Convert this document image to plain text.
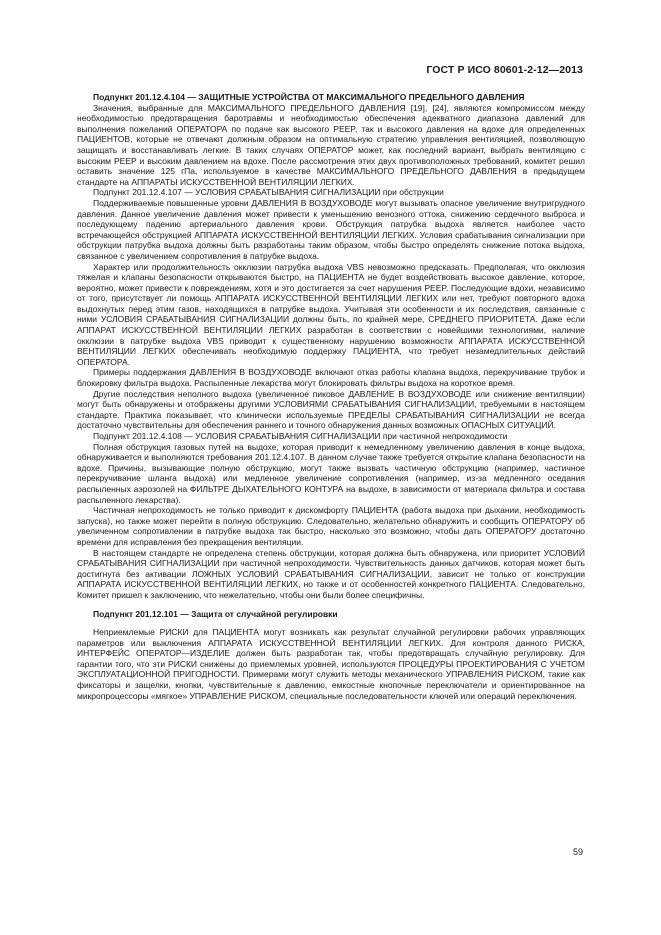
ГОСТ Р ИСО 80601-2-12—2013

Подпункт 201.12.4.104 — ЗАЩИТНЫЕ УСТРОЙСТВА ОТ МАКСИМАЛЬНОГО ПРЕДЕЛЬНОГО ДАВЛЕНИЯ

Значения, выбранные для МАКСИМАЛЬНОГО ПРЕДЕЛЬНОГО ДАВЛЕНИЯ [19], [24], являются компромиссом между необходимостью предотвращения баротравмы и необходимостью обеспечения адекватного диапазона давлений для выполнения пожеланий ОПЕРАТОРА по подаче как высокого PEEP, так и высокого давления на вдохе для определенных ПАЦИЕНТОВ, которые не отвечают должным образом на оптимальную стратегию управления вентиляцией, позволяющую защищать и восстанавливать легкие. В таких случаях ОПЕРАТОР может, как последний вариант, выбрать вентиляцию с высоким PEEP и высоким давлением на вдохе. После рассмотрения этих двух противоположных требований, комитет решил оставить значение 125 гПа, используемое в качестве МАКСИМАЛЬНОГО ПРЕДЕЛЬНОГО ДАВЛЕНИЯ в предыдущем стандарте на АППАРАТЫ ИСКУССТВЕННОЙ ВЕНТИЛЯЦИИ ЛЕГКИХ.

Подпункт 201.12.4.107 — УСЛОВИЯ СРАБАТЫВАНИЯ СИГНАЛИЗАЦИИ при обструкции

Поддерживаемые повышенные уровни ДАВЛЕНИЯ В ВОЗДУХОВОДЕ могут вызывать опасное увеличение внутригрудного давления. Данное увеличение давления может привести к уменьшению венозного оттока, снижению сердечного выброса и последующему падению артериального давления крови. Обструкция патрубка выдоха является наиболее часто встречающейся обструкцией АППАРАТА ИСКУССТВЕННОЙ ВЕНТИЛЯЦИИ ЛЕГКИХ. Условия срабатывания сигнализации при обструкции патрубка выдоха должны быть разработаны таким образом, чтобы быстро определять снижение потока выдоха, связанное с увеличением сопротивления в патрубке выдоха.

Характер или продолжительность окклюзии патрубка выдоха VBS невозможно предсказать. Предполагая, что окклюзия тяжелая и клапаны безопасности открываются быстро, на ПАЦИЕНТА не будет воздействовать высокое давление, которое, вероятно, может привести к повреждениям, хотя и это достигается за счет нарушения PEEP. Последующие вдохи, независимо от того, присутствует ли помощь АППАРАТА ИСКУССТВЕННОЙ ВЕНТИЛЯЦИИ ЛЕГКИХ или нет, требуют повторного вдоха выдохнутых перед этим газов, находящихся в патрубке выдоха. Учитывая эти особенности и их последствия, связанные с ними УСЛОВИЯ СРАБАТЫВАНИЯ СИГНАЛИЗАЦИИ должны быть, по крайней мере, СРЕДНЕГО ПРИОРИТЕТА. Даже если АППАРАТ ИСКУССТВЕННОЙ ВЕНТИЛЯЦИИ ЛЕГКИХ разработан в соответствии с новейшими технологиями, наличие окклюзии в патрубке выдоха VBS приводит к существенному нарушению возможности АППАРАТА ИСКУССТВЕННОЙ ВЕНТИЛЯЦИИ ЛЕГКИХ обеспечивать необходимую поддержку ПАЦИЕНТА, что требует незамедлительных действий ОПЕРАТОРА.

Примеры поддержания ДАВЛЕНИЯ В ВОЗДУХОВОДЕ включают отказ работы клапана выдоха, перекручивание трубок и блокировку фильтра выдоха. Распыленные лекарства могут блокировать фильтры выдоха на короткое время.

Другие последствия неполного выдоха (увеличенное пиковое ДАВЛЕНИЕ В ВОЗДУХОВОДЕ или снижение вентиляции) могут быть обнаружены и отображены другими УСЛОВИЯМИ СРАБАТЫВАНИЯ СИГНАЛИЗАЦИИ, требуемыми в настоящем стандарте. Практика показывает, что клинически используемые ПРЕДЕЛЫ СРАБАТЫВАНИЯ СИГНАЛИЗАЦИИ не всегда достаточно чувствительны для обеспечения раннего и точного обнаружения данных возможных ОПАСНЫХ СИТУАЦИЙ.

Подпункт 201.12.4.108 — УСЛОВИЯ СРАБАТЫВАНИЯ СИГНАЛИЗАЦИИ при частичной непроходимости

Полная обструкция газовых путей на выдохе, которая приводит к немедленному увеличению давления в конце выдоха, обнаруживается и выполняются требования 201.12.4.107. В данном случае также требуется открытие клапана безопасности на вдохе. Причины, вызывающие полную обструкцию, могут также вызвать частичную обструкцию (например, частичное перекручивание шланга выдоха) или медленное увеличение сопротивления (например, из-за медленного оседания распыленных аэрозолей на ФИЛЬТРЕ ДЫХАТЕЛЬНОГО КОНТУРА на выдохе, в зависимости от материала фильтра и состава распыленного лекарства).

Частичная непроходимость не только приводит к дискомфорту ПАЦИЕНТА (работа выдоха при дыхании, необходимость запуска), но также может перейти в полную обструкцию. Следовательно, желательно обнаружить и сообщить ОПЕРАТОРУ об увеличенном сопротивлении в патрубке выдоха так быстро, насколько это возможно, чтобы дать ОПЕРАТОРУ достаточно времени для исправления без прекращения вентиляции.

В настоящем стандарте не определена степень обструкции, которая должна быть обнаружена, или приоритет УСЛОВИЙ СРАБАТЫВАНИЯ СИГНАЛИЗАЦИИ при частичной непроходимости. Чувствительность данных датчиков, которая может быть достигнута без активации ЛОЖНЫХ УСЛОВИЙ СРАБАТЫВАНИЯ СИГНАЛИЗАЦИИ, зависит не только от конструкции АППАРАТА ИСКУССТВЕННОЙ ВЕНТИЛЯЦИИ ЛЕГКИХ, но также и от особенностей конкретного ПАЦИЕНТА. Следовательно, Комитет пришел к заключению, что нежелательно, чтобы они были более специфичны.

Подпункт 201.12.101 — Защита от случайной регулировки

Неприемлемые РИСКИ для ПАЦИЕНТА могут возникать как результат случайной регулировки рабочих управляющих параметров или выключения АППАРАТА ИСКУССТВЕННОЙ ВЕНТИЛЯЦИИ ЛЕГКИХ. Для контроля данного РИСКА, ИНТЕРФЕЙС ОПЕРАТОР—ИЗДЕЛИЕ должен быть разработан так, чтобы предотвращать случайную регулировку. Для гарантии того, что эти РИСКИ снижены до приемлемых уровней, используются ПРОЦЕДУРЫ ПРОЕКТИРОВАНИЯ С УЧЕТОМ ЭКСПЛУАТАЦИОННОЙ ПРИГОДНОСТИ. Примерами могут служить методы механического УПРАВЛЕНИЯ РИСКОМ, такие как фиксаторы и защелки, кнопки, чувствительные к давлению, емкостные кнопочные переключатели и ориентированное на микропроцессоры «мягкое» УПРАВЛЕНИЕ РИСКОМ, специальные последовательности ключей или операций переключения.

59
